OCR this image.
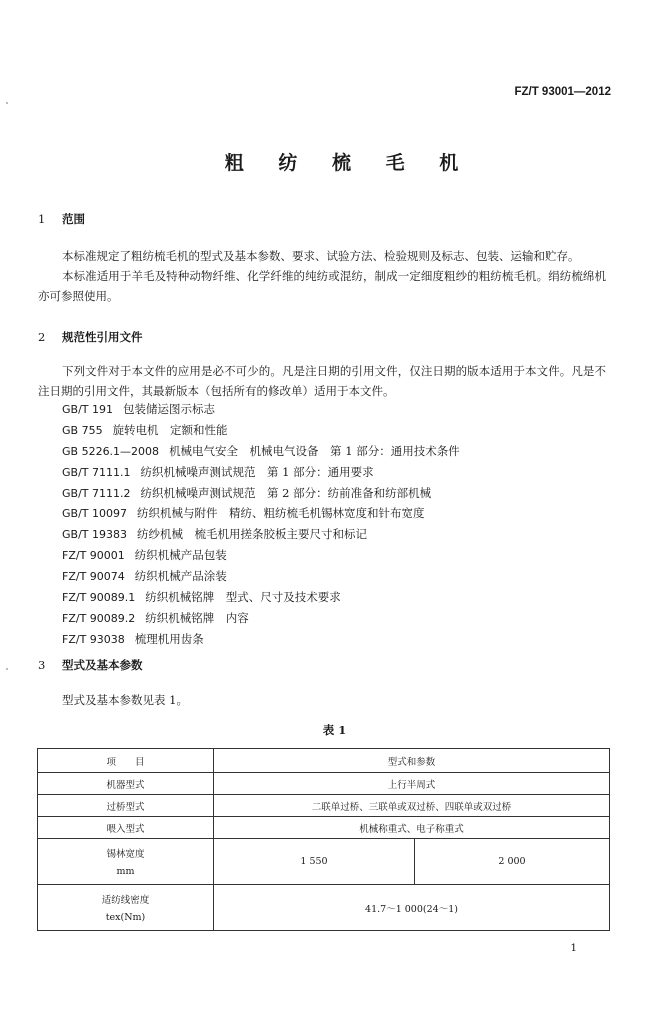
FZ/T 93001—2012
粗 纺 梳 毛 机
1 范围
本标准规定了粗纺梳毛机的型式及基本参数、要求、试验方法、检验规则及标志、包装、运输和贮存。
本标准适用于羊毛及特种动物纤维、化学纤维的纯纺或混纺，制成一定细度粗纱的粗纺梳毛机。绢纺梳绵机亦可参照使用。
2 规范性引用文件
下列文件对于本文件的应用是必不可少的。凡是注日期的引用文件，仅注日期的版本适用于本文件。凡是不注日期的引用文件，其最新版本（包括所有的修改单）适用于本文件。
GB/T 191 包装储运图示标志
GB 755 旋转电机　定额和性能
GB 5226.1—2008 机械电气安全　机械电气设备　第 1 部分：通用技术条件
GB/T 7111.1 纺织机械噪声测试规范　第 1 部分：通用要求
GB/T 7111.2 纺织机械噪声测试规范　第 2 部分：纺前准备和纺部机械
GB/T 10097 纺织机械与附件　精纺、粗纺梳毛机锡林宽度和针布宽度
GB/T 19383 纺纱机械　梳毛机用搓条胶板主要尺寸和标记
FZ/T 90001 纺织机械产品包装
FZ/T 90074 纺织机械产品涂装
FZ/T 90089.1 纺织机械铭牌　型式、尺寸及技术要求
FZ/T 90089.2 纺织机械铭牌　内容
FZ/T 93038 梳理机用齿条
3 型式及基本参数
型式及基本参数见表 1。
表 1
项　　目	型式和参数	
机器型式	上行半周式	
过桥型式	二联单过桥、三联单或双过桥、四联单或双过桥	
喂入型式	机械称重式、电子称重式	

锡林宽度
mm	1 550	2 000

适纺线密度
tex(Nm)	41.7～1 000(24～1)	
1
